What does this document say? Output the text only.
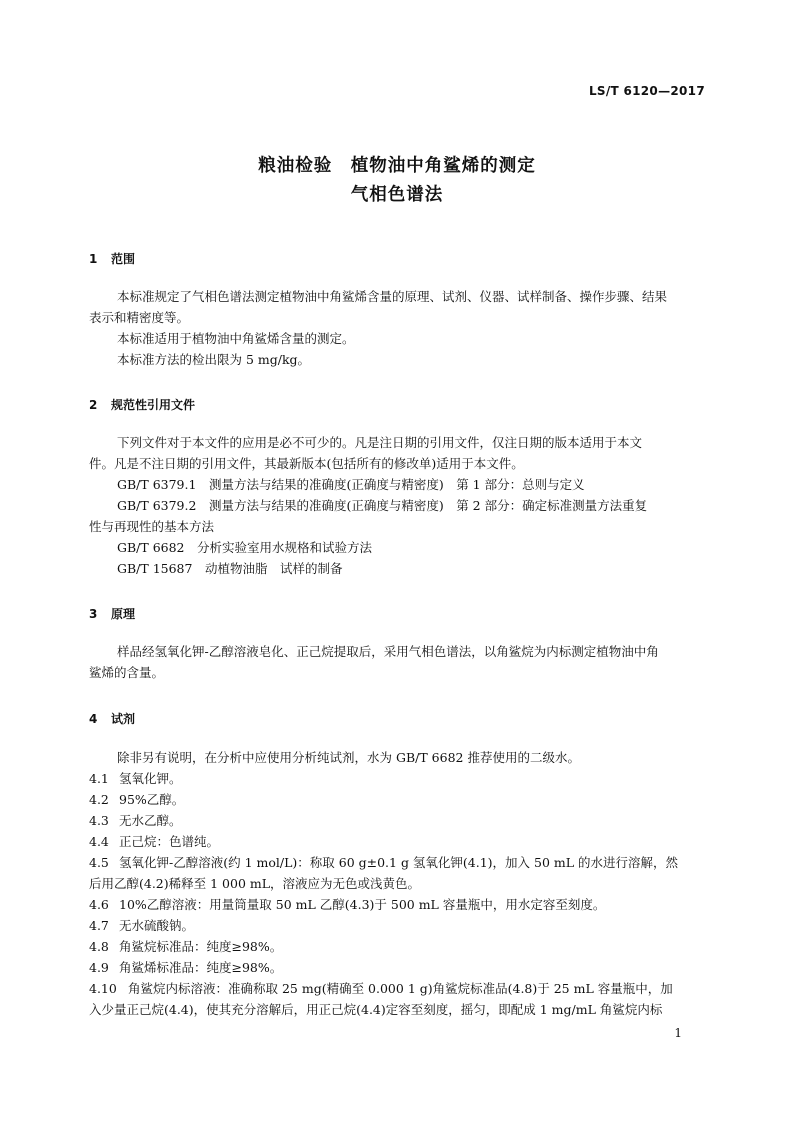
LS/T 6120—2017
粮油检验　植物油中角鲨烯的测定
气相色谱法
1 范围
本标准规定了气相色谱法测定植物油中角鲨烯含量的原理、试剂、仪器、试样制备、操作步骤、结果
表示和精密度等。
本标准适用于植物油中角鲨烯含量的测定。
本标准方法的检出限为 5 mg/kg。
2 规范性引用文件
下列文件对于本文件的应用是必不可少的。凡是注日期的引用文件，仅注日期的版本适用于本文
件。凡是不注日期的引用文件，其最新版本(包括所有的修改单)适用于本文件。
GB/T 6379.1　 测量方法与结果的准确度(正确度与精密度)　第 1 部分：总则与定义
GB/T 6379.2　 测量方法与结果的准确度(正确度与精密度)　第 2 部分：确定标准测量方法重复
性与再现性的基本方法
GB/T 6682　 分析实验室用水规格和试验方法
GB/T 15687　 动植物油脂　试样的制备
3 原理
样品经氢氧化钾-乙醇溶液皂化、正己烷提取后，采用气相色谱法，以角鲨烷为内标测定植物油中角
鲨烯的含量。
4 试剂
除非另有说明，在分析中应使用分析纯试剂，水为 GB/T 6682 推荐使用的二级水。
4.1 氢氧化钾。
4.2 95%乙醇。
4.3 无水乙醇。
4.4 正己烷：色谱纯。
4.5 氢氧化钾-乙醇溶液(约 1 mol/L)：称取 60 g±0.1 g 氢氧化钾(4.1)，加入 50 mL 的水进行溶解，然
后用乙醇(4.2)稀释至 1 000 mL，溶液应为无色或浅黄色。
4.6 10%乙醇溶液：用量筒量取 50 mL 乙醇(4.3)于 500 mL 容量瓶中，用水定容至刻度。
4.7 无水硫酸钠。
4.8 角鲨烷标准品：纯度≥98%。
4.9 角鲨烯标准品：纯度≥98%。
4.10 角鲨烷内标溶液：准确称取 25 mg(精确至 0.000 1 g)角鲨烷标准品(4.8)于 25 mL 容量瓶中，加
入少量正己烷(4.4)，使其充分溶解后，用正己烷(4.4)定容至刻度，摇匀，即配成 1 mg/mL 角鲨烷内标
1
